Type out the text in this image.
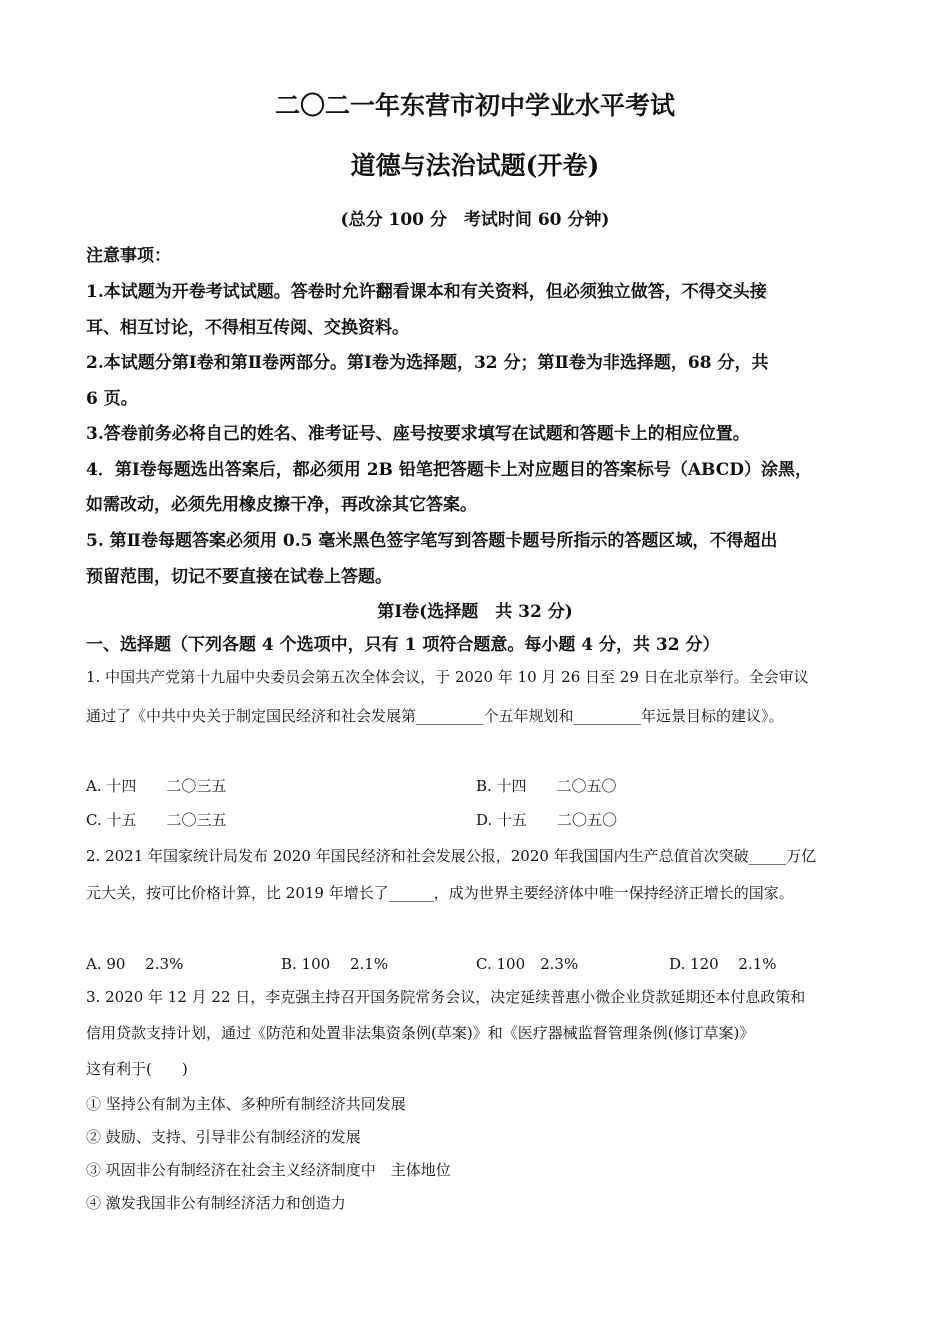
二〇二一年东营市初中学业水平考试
道德与法治试题(开卷)
(总分 100 分　考试时间 60 分钟)
注意事项：
1.本试题为开卷考试试题。答卷时允许翻看课本和有关资料，但必须独立做答，不得交头接
耳、相互讨论，不得相互传阅、交换资料。
2.本试题分第Ⅰ卷和第Ⅱ卷两部分。第Ⅰ卷为选择题，32 分；第Ⅱ卷为非选择题，68 分，共
6 页。
3.答卷前务必将自己的姓名、准考证号、座号按要求填写在试题和答题卡上的相应位置。
4．第Ⅰ卷每题选出答案后，都必须用 2B 铅笔把答题卡上对应题目的答案标号（ABCD）涂黑，
如需改动，必须先用橡皮擦干净，再改涂其它答案。
5. 第Ⅱ卷每题答案必须用 0.5 毫米黑色签字笔写到答题卡题号所指示的答题区域，不得超出
预留范围，切记不要直接在试卷上答题。
第Ⅰ卷(选择题　共 32 分)
一、选择题（下列各题 4 个选项中，只有 1 项符合题意。每小题 4 分，共 32 分）
1. 中国共产党第十九届中央委员会第五次全体会议，于 2020 年 10 月 26 日至 29 日在北京举行。全会审议
通过了《中共中央关于制定国民经济和社会发展第_________个五年规划和_________年远景目标的建议》。
A. 十四　　二〇三五	B. 十四　　二〇五〇
C. 十五　　二〇三五	D. 十五　　二〇五〇
2. 2021 年国家统计局发布 2020 年国民经济和社会发展公报，2020 年我国国内生产总值首次突破_____万亿
元大关，按可比价格计算，比 2019 年增长了______，成为世界主要经济体中唯一保持经济正增长的国家。
A. 90　 2.3%	B. 100　 2.1%	C. 100　2.3%	D. 120　 2.1%
3. 2020 年 12 月 22 日，李克强主持召开国务院常务会议，决定延续普惠小微企业贷款延期还本付息政策和
信用贷款支持计划，通过《防范和处置非法集资条例(草案)》和《医疗器械监督管理条例(修订草案)》
这有利于(　　)
① 坚持公有制为主体、多种所有制经济共同发展
② 鼓励、支持、引导非公有制经济的发展
③ 巩固非公有制经济在社会主义经济制度中　主体地位
④ 激发我国非公有制经济活力和创造力
